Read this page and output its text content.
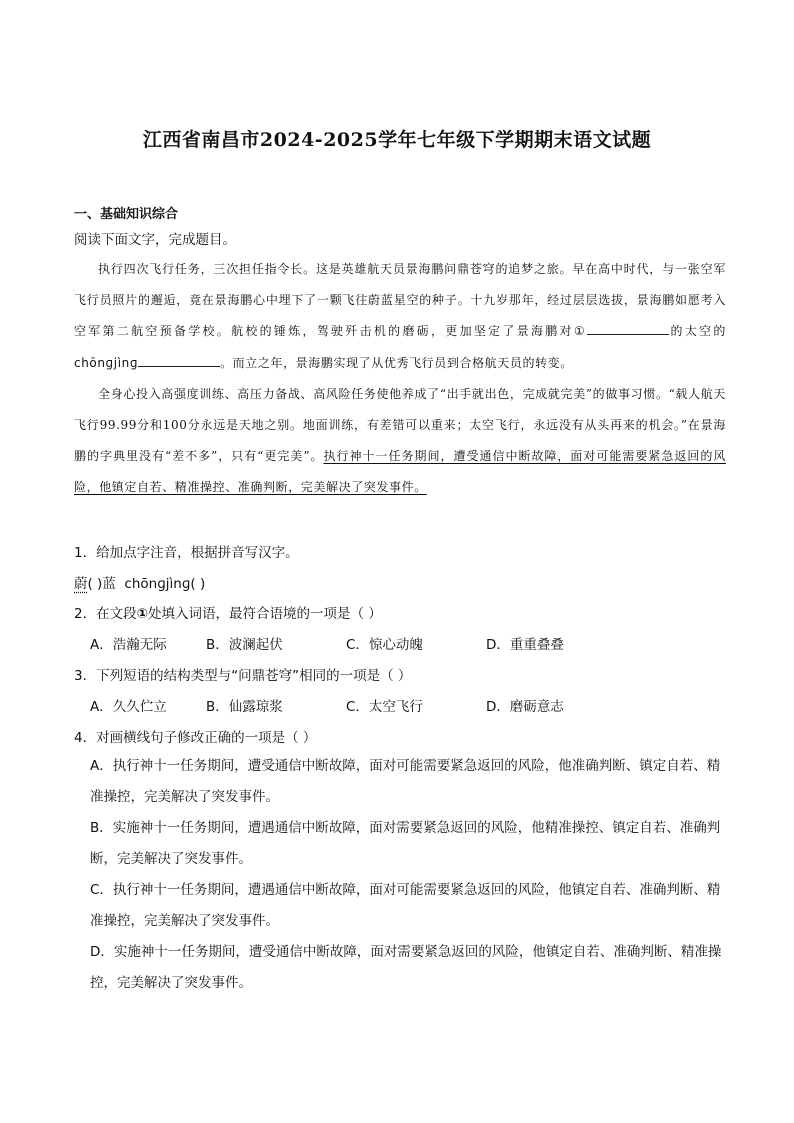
江西省南昌市2024-2025学年七年级下学期期末语文试题
一、基础知识综合
阅读下面文字，完成题目。

执行四次飞行任务，三次担任指令长。这是英雄航天员景海鹏问鼎苍穹的追梦之旅。早在高中时代，与一张空军飞行员照片的邂逅，竟在景海鹏心中埋下了一颗飞往蔚蓝星空的种子。十九岁那年，经过层层选拔，景海鹏如愿考入空军第二航空预备学校。航校的锤炼，驾驶歼击机的磨砺，更加坚定了景海鹏对①	的太空的 chōnɡjìnɡ	。而立之年，景海鹏实现了从优秀飞行员到合格航天员的转变。

全身心投入高强度训练、高压力备战、高风险任务使他养成了“出手就出色，完成就完美”的做事习惯。“载人航天飞行99.99分和100分永远是天地之别。地面训练，有差错可以重来；太空飞行，永远没有从头再来的机会。”在景海鹏的字典里没有“差不多”，只有“更完美”。执行神十一任务期间，遭受通信中断故障，面对可能需要紧急返回的风险，他镇定自若、精准操控、准确判断，完美解决了突发事件。

1．给加点字注音，根据拼音写汉字。
蔚( )蓝 chōnɡjìnɡ( )
2．在文段①处填入词语，最符合语境的一项是（ ）
A．浩瀚无际	B．波澜起伏	C．惊心动魄	D．重重叠叠
3．下列短语的结构类型与“问鼎苍穹”相同的一项是（ ）
A．久久伫立	B．仙露琼浆	C．太空飞行	D．磨砺意志
4．对画横线句子修改正确的一项是（ ）

A．执行神十一任务期间，遭受通信中断故障，面对可能需要紧急返回的风险，他准确判断、镇定自若、精准操控，完美解决了突发事件。

B．实施神十一任务期间，遭遇通信中断故障，面对需要紧急返回的风险，他精准操控、镇定自若、准确判断，完美解决了突发事件。

C．执行神十一任务期间，遭遇通信中断故障，面对可能需要紧急返回的风险，他镇定自若、准确判断、精准操控，完美解决了突发事件。

D．实施神十一任务期间，遭受通信中断故障，面对需要紧急返回的风险，他镇定自若、准确判断、精准操控，完美解决了突发事件。
